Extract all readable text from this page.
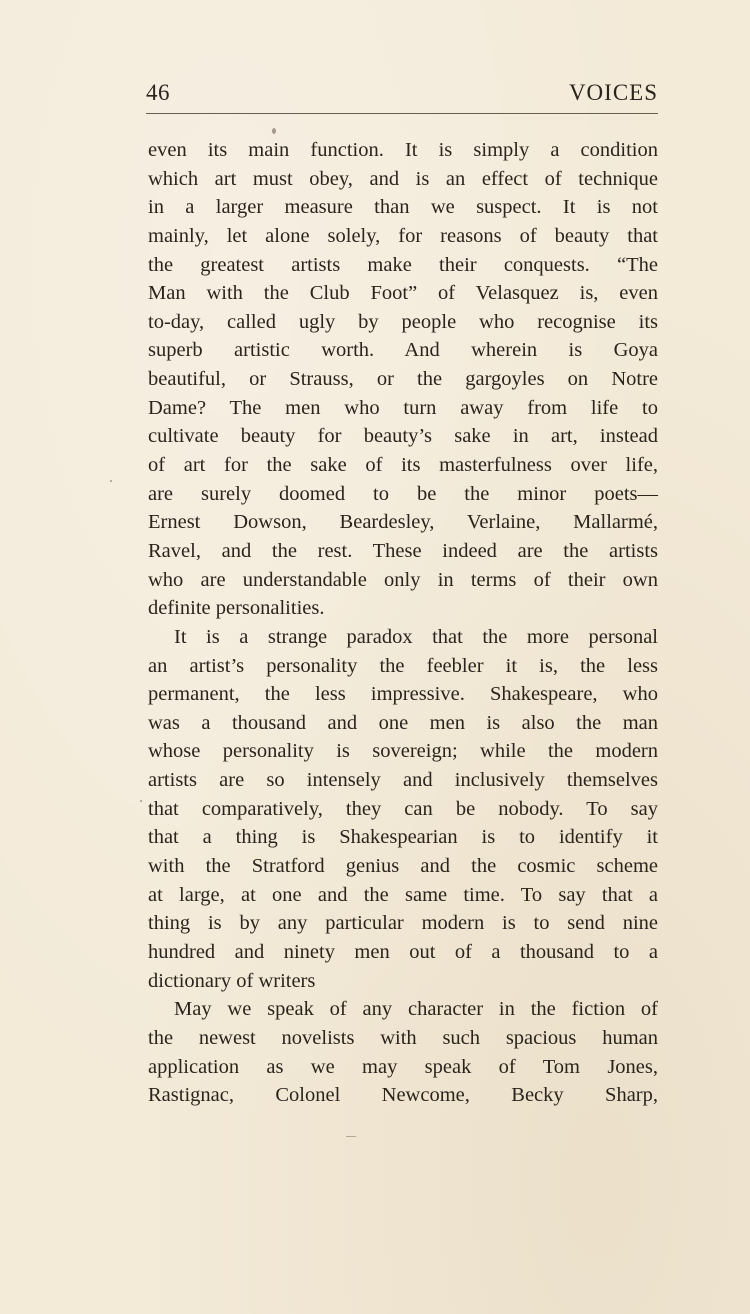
46	VOICES
even its main function. It is simply a condition
which art must obey, and is an effect of technique
in a larger measure than we suspect. It is not
mainly, let alone solely, for reasons of beauty that
the greatest artists make their conquests. “The
Man with the Club Foot” of Velasquez is, even
to-day, called ugly by people who recognise its
superb artistic worth. And wherein is Goya
beautiful, or Strauss, or the gargoyles on Notre
Dame? The men who turn away from life to
cultivate beauty for beauty’s sake in art, instead
of art for the sake of its masterfulness over life,
are surely doomed to be the minor poets—
Ernest Dowson, Beardesley, Verlaine, Mallarmé,
Ravel, and the rest. These indeed are the artists
who are understandable only in terms of their own
definite personalities.
It is a strange paradox that the more personal
an artist’s personality the feebler it is, the less
permanent, the less impressive. Shakespeare, who
was a thousand and one men is also the man
whose personality is sovereign; while the modern
artists are so intensely and inclusively themselves
that comparatively, they can be nobody. To say
that a thing is Shakespearian is to identify it
with the Stratford genius and the cosmic scheme
at large, at one and the same time. To say that a
thing is by any particular modern is to send nine
hundred and ninety men out of a thousand to a
dictionary of writers
May we speak of any character in the fiction of
the newest novelists with such spacious human
application as we may speak of Tom Jones,
Rastignac, Colonel Newcome, Becky Sharp,
